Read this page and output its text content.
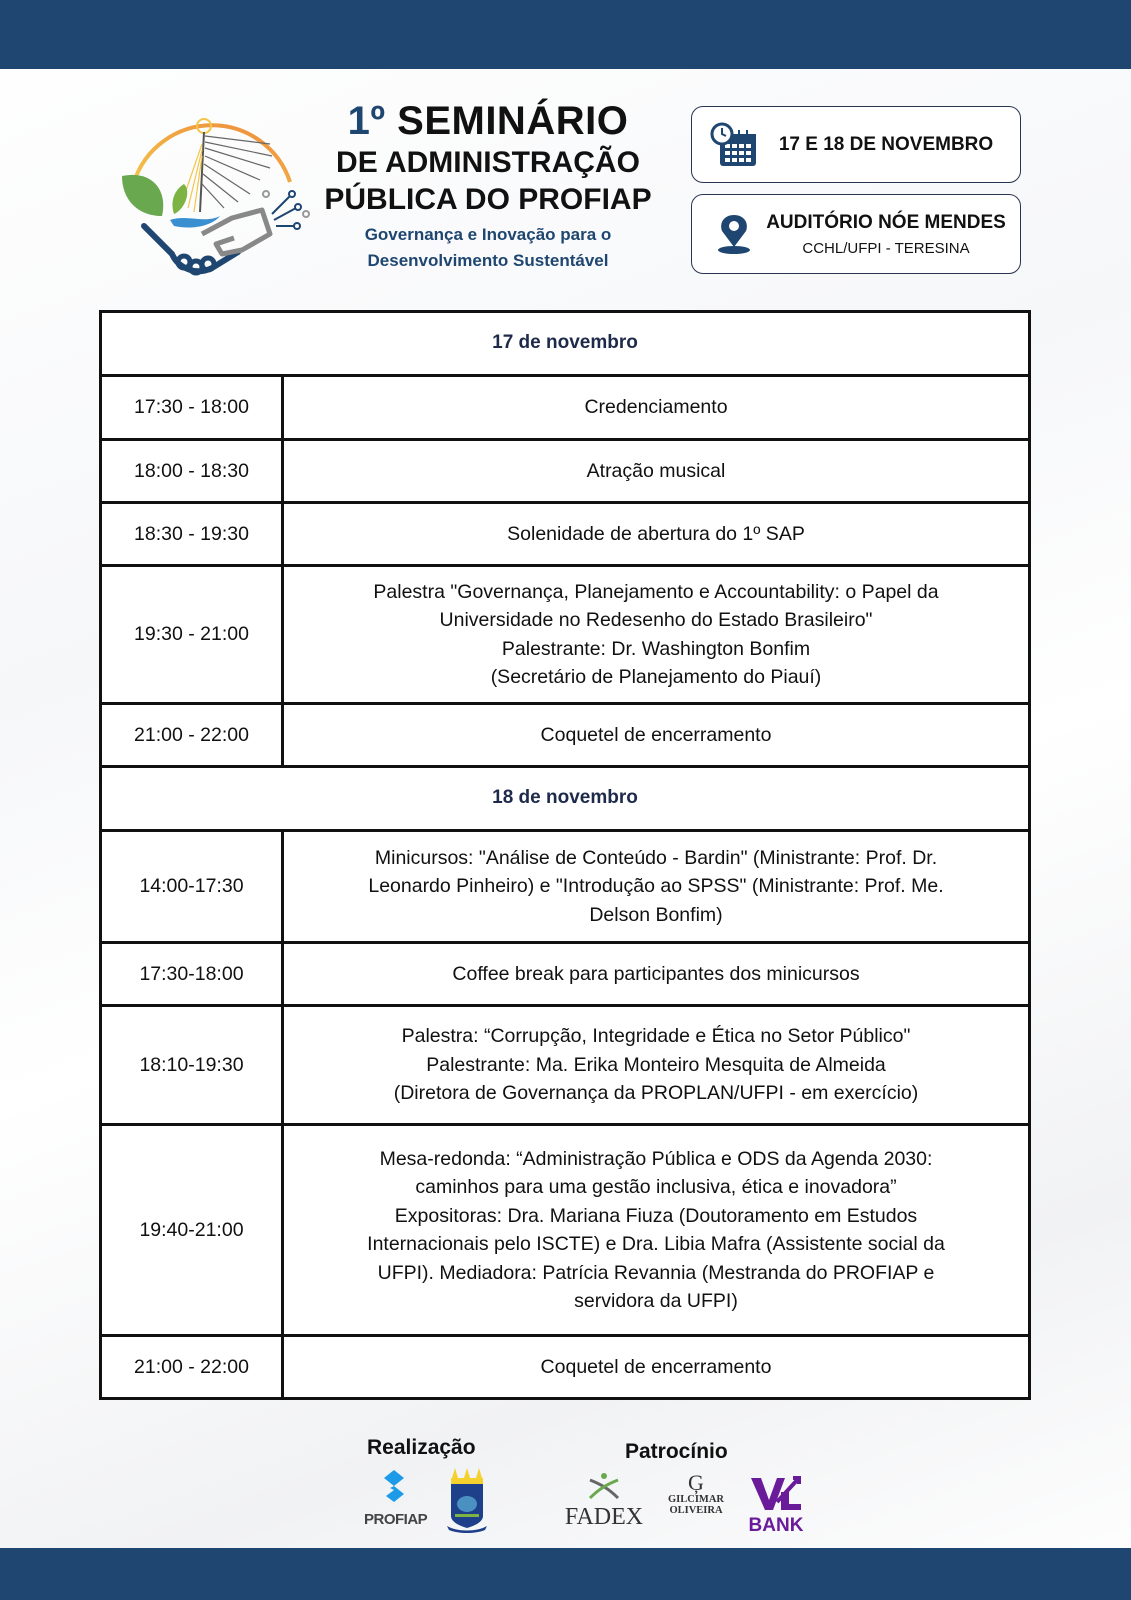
1º SEMINÁRIO
DE ADMINISTRAÇÃO
PÚBLICA DO PROFIAP
Governança e Inovação para o
Desenvolvimento Sustentável
17 E 18 DE NOVEMBRO
AUDITÓRIO NÓE MENDES
CCHL/UFPI - TERESINA
17 de novembro	
17:30 - 18:00	Credenciamento

18:00 - 18:30	Atração musical

18:30 - 19:30	Solenidade de abertura do 1º SAP

19:30 - 21:00	Palestra "Governança, Planejamento e Accountability: o Papel da
Universidade no Redesenho do Estado Brasileiro"
Palestrante: Dr. Washington Bonfim
(Secretário de Planejamento do Piauí)

21:00 - 22:00	Coquetel de encerramento

18 de novembro	
14:00-17:30	Minicursos: "Análise de Conteúdo - Bardin" (Ministrante: Prof. Dr.
Leonardo Pinheiro) e "Introdução ao SPSS" (Ministrante: Prof. Me.
Delson Bonfim)

17:30-18:00	Coffee break para participantes dos minicursos

18:10-19:30	Palestra: “Corrupção, Integridade e Ética no Setor Público"
Palestrante: Ma. Erika Monteiro Mesquita de Almeida
(Diretora de Governança da PROPLAN/UFPI - em exercício)

19:40-21:00	
Mesa-redonda: “Administração Pública e ODS da Agenda 2030:
caminhos para uma gestão inclusiva, ética e inovadora”
Expositoras: Dra. Mariana Fiuza (Doutoramento em Estudos
Internacionais pelo ISCTE) e Dra. Libia Mafra (Assistente social da
UFPI). Mediadora: Patrícia Revannia (Mestranda do PROFIAP e
servidora da UFPI)

21:00 - 22:00	Coquetel de encerramento
Realização	Patrocínio
PROFIAP	FADEX
Ģ
GILCIMAR
OLIVEIRA
BANK
